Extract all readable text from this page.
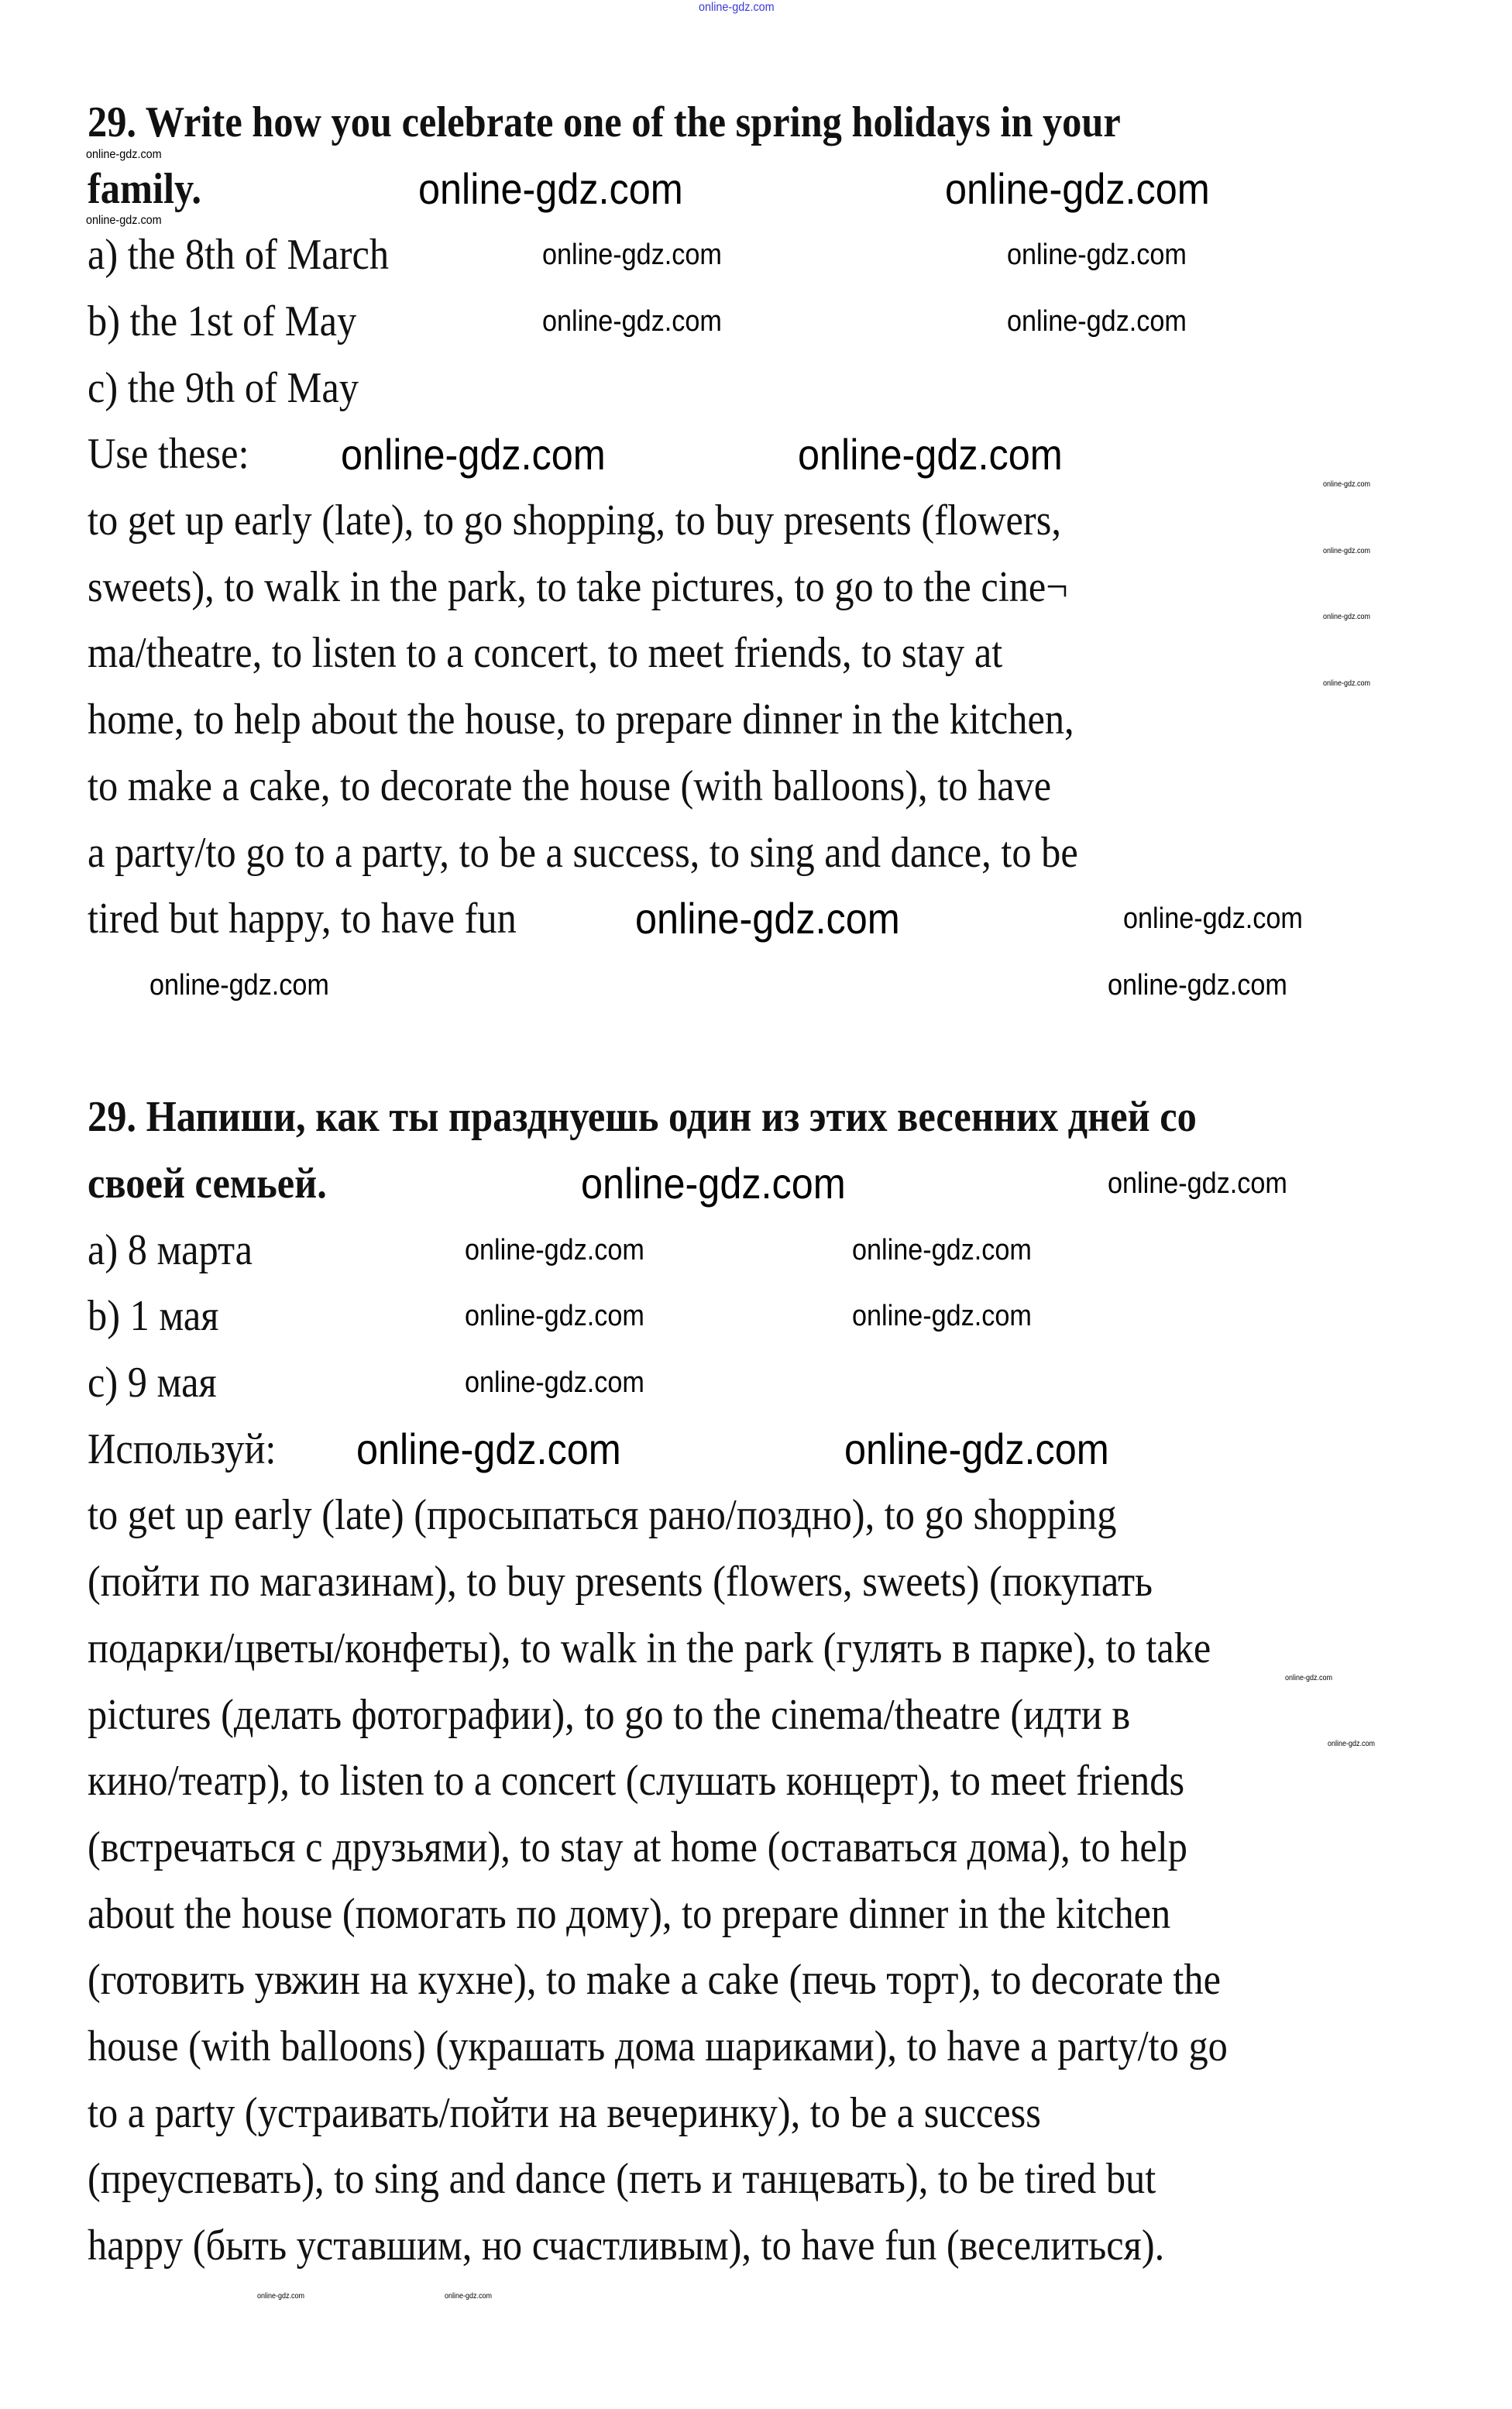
29. Write how you celebrate one of the spring holidays in your
family.
a) the 8th of March
b) the 1st of May
c) the 9th of May
Use these:
to get up early (late), to go shopping, to buy presents (flowers,
sweets), to walk in the park, to take pictures, to go to the cine¬
ma/theatre, to listen to a concert, to meet friends, to stay at
home, to help about the house, to prepare dinner in the kitchen,
to make a cake, to decorate the house (with balloons), to have
a party/to go to a party, to be a success, to sing and dance, to be
tired but happy, to have fun
29. Напиши, как ты празднуешь один из этих весенних дней со
своей семьей.
a) 8 марта
b) 1 мая
c) 9 мая
Используй:
to get up early (late) (просыпаться рано/поздно), to go shopping
(пойти по магазинам), to buy presents (flowers, sweets) (покупать
подарки/цветы/конфеты), to walk in the park (гулять в парке), to take
pictures (делать фотографии), to go to the cinema/theatre (идти в
кино/театр), to listen to a concert (слушать концерт), to meet friends
(встречаться с друзьями), to stay at home (оставаться дома), to help
about the house (помогать по дому), to prepare dinner in the kitchen
(готовить увжин на кухне), to make a cake (печь торт), to decorate the
house (with balloons) (украшать дома шариками), to have a party/to go
to a party (устраивать/пойти на вечеринку), to be a success
(преуспевать), to sing and dance (петь и танцевать), to be tired but
happy (быть уставшим, но счастливым), to have fun (веселиться).
online-gdz.com	online-gdz.com
online-gdz.com	online-gdz.com
online-gdz.com
online-gdz.com
online-gdz.com	online-gdz.com
online-gdz.com	online-gdz.com
online-gdz.com	online-gdz.com
online-gdz.com
online-gdz.com	online-gdz.com
online-gdz.com
online-gdz.com	online-gdz.com
online-gdz.com	online-gdz.com
online-gdz.com
online-gdz.com
online-gdz.com
online-gdz.com
online-gdz.com
online-gdz.com
online-gdz.com
online-gdz.com
online-gdz.com
online-gdz.com	online-gdz.com
online-gdz.com
